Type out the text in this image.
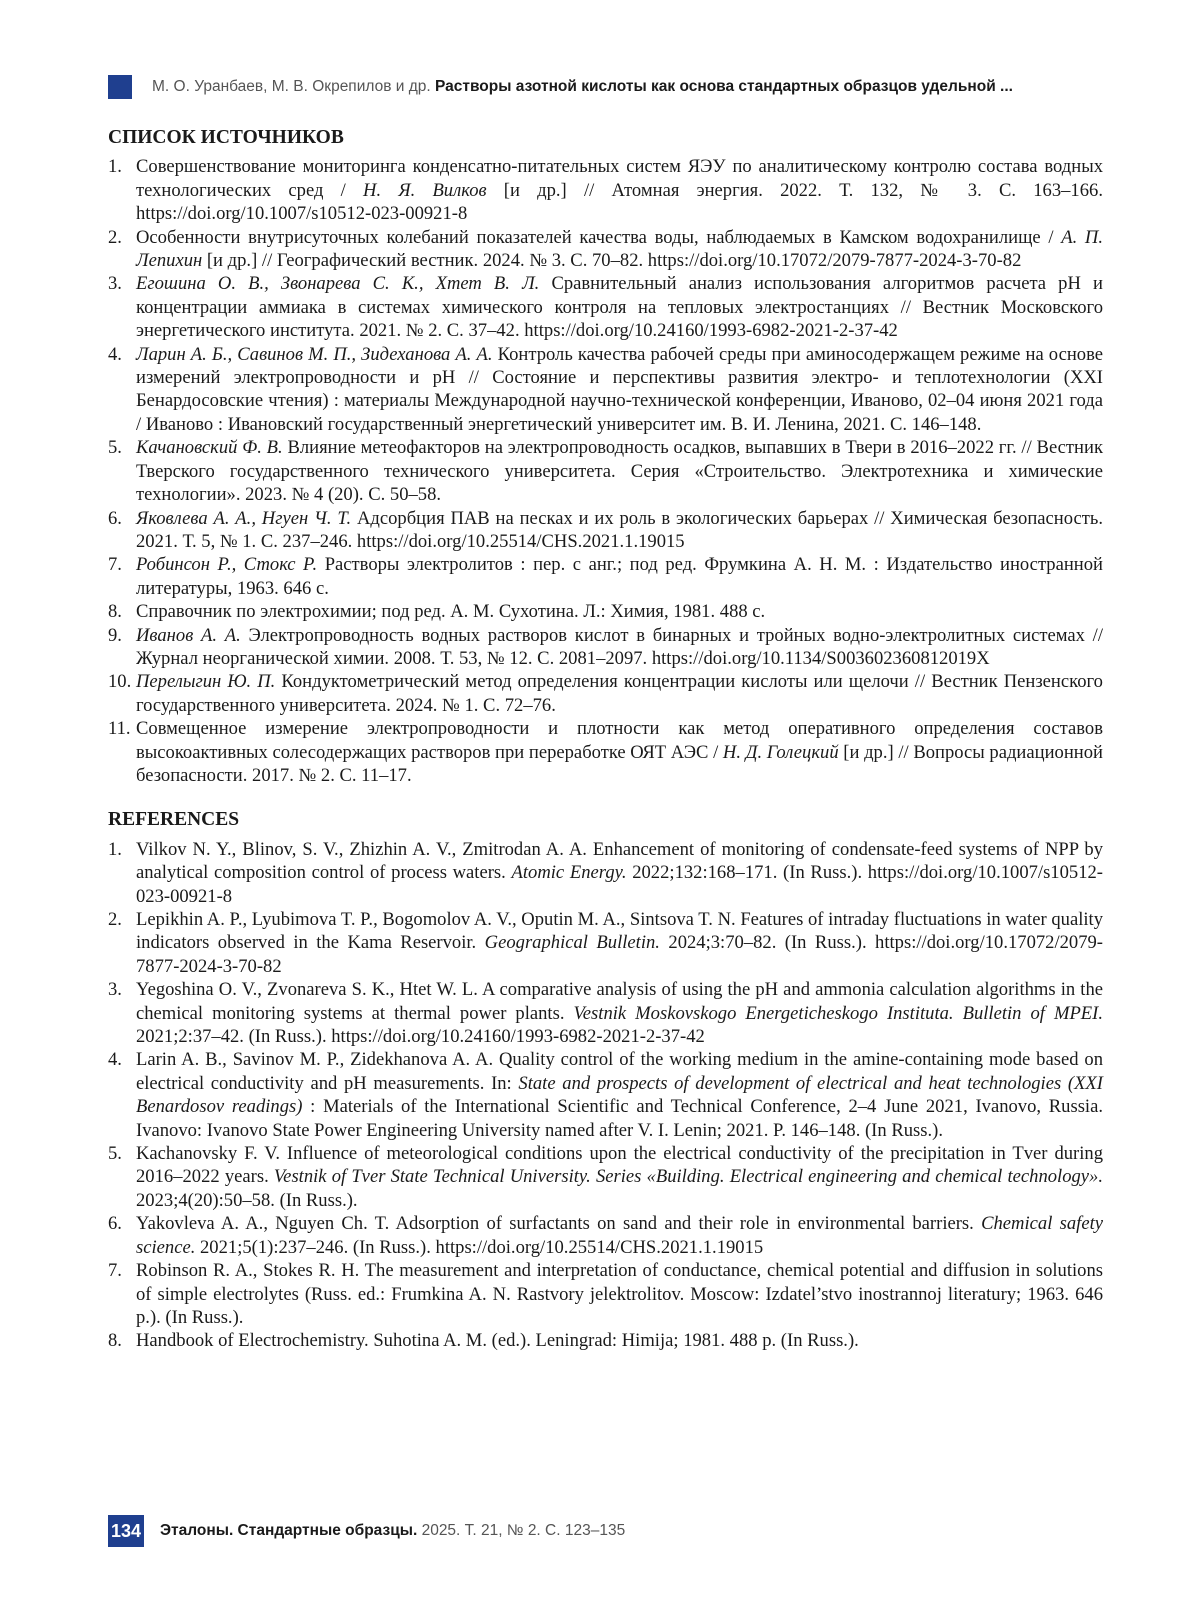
М. О. Уранбаев, М. В. Окрепилов и др. Растворы азотной кислоты как основа стандартных образцов удельной ...
СПИСОК ИСТОЧНИКОВ
1. Совершенствование мониторинга конденсатно-питательных систем ЯЭУ по аналитическому контролю состава водных технологических сред / Н. Я. Вилков [и др.] // Атомная энергия. 2022. Т. 132, № 3. С. 163–166. https://doi.org/10.1007/s10512-023-00921-8
2. Особенности внутрисуточных колебаний показателей качества воды, наблюдаемых в Камском водохранилище / А. П. Лепихин [и др.] // Географический вестник. 2024. № 3. С. 70–82. https://doi.org/10.17072/2079-7877-2024-3-70-82
3. Егошина О. В., Звонарева С. К., Хтет В. Л. Сравнительный анализ использования алгоритмов расчета pH и концентрации аммиака в системах химического контроля на тепловых электростанциях // Вестник Московского энергетического института. 2021. № 2. С. 37–42. https://doi.org/10.24160/1993-6982-2021-2-37-42
4. Ларин А. Б., Савинов М. П., Зидеханова А. А. Контроль качества рабочей среды при аминосодержащем режиме на основе измерений электропроводности и pH // Состояние и перспективы развития электро- и теплотехнологии (XXI Бенардосовские чтения) : материалы Международной научно-технической конференции, Иваново, 02–04 июня 2021 года / Иваново : Ивановский государственный энергетический университет им. В. И. Ленина, 2021. С. 146–148.
5. Качановский Ф. В. Влияние метеофакторов на электропроводность осадков, выпавших в Твери в 2016–2022 гг. // Вестник Тверского государственного технического университета. Серия «Строительство. Электротехника и химические технологии». 2023. № 4 (20). С. 50–58.
6. Яковлева А. А., Нгуен Ч. Т. Адсорбция ПАВ на песках и их роль в экологических барьерах // Химическая безопасность. 2021. Т. 5, № 1. С. 237–246. https://doi.org/10.25514/CHS.2021.1.19015
7. Робинсон Р., Стокс Р. Растворы электролитов : пер. с анг.; под ред. Фрумкина А. Н. М. : Издательство иностранной литературы, 1963. 646 с.
8. Справочник по электрохимии; под ред. А. М. Сухотина. Л.: Химия, 1981. 488 с.
9. Иванов А. А. Электропроводность водных растворов кислот в бинарных и тройных водно-электролитных системах // Журнал неорганической химии. 2008. Т. 53, № 12. С. 2081–2097. https://doi.org/10.1134/S003602360812019X
10. Перелыгин Ю. П. Кондуктометрический метод определения концентрации кислоты или щелочи // Вестник Пензенского государственного университета. 2024. № 1. С. 72–76.
11. Совмещенное измерение электропроводности и плотности как метод оперативного определения составов высокоактивных солесодержащих растворов при переработке ОЯТ АЭС / Н. Д. Голецкий [и др.] // Вопросы радиационной безопасности. 2017. № 2. С. 11–17.
REFERENCES
1. Vilkov N. Y., Blinov, S. V., Zhizhin A. V., Zmitrodan A. A. Enhancement of monitoring of condensate-feed systems of NPP by analytical composition control of process waters. Atomic Energy. 2022;132:168–171. (In Russ.). https://doi.org/10.1007/s10512-023-00921-8
2. Lepikhin A. P., Lyubimova T. P., Bogomolov A. V., Oputin M. A., Sintsova T. N. Features of intraday fluctuations in water quality indicators observed in the Kama Reservoir. Geographical Bulletin. 2024;3:70–82. (In Russ.). https://doi.org/10.17072/2079-7877-2024-3-70-82
3. Yegoshina O. V., Zvonareva S. K., Htet W. L. A comparative analysis of using the pH and ammonia calculation algorithms in the chemical monitoring systems at thermal power plants. Vestnik Moskovskogo Energeticheskogo Instituta. Bulletin of MPEI. 2021;2:37–42. (In Russ.). https://doi.org/10.24160/1993-6982-2021-2-37-42
4. Larin A. B., Savinov M. P., Zidekhanova A. A. Quality control of the working medium in the amine-containing mode based on electrical conductivity and pH measurements. In: State and prospects of development of electrical and heat technologies (XXI Benardosov readings) : Materials of the International Scientific and Technical Conference, 2–4 June 2021, Ivanovo, Russia. Ivanovo: Ivanovo State Power Engineering University named after V. I. Lenin; 2021. P. 146–148. (In Russ.).
5. Kachanovsky F. V. Influence of meteorological conditions upon the electrical conductivity of the precipitation in Tver during 2016–2022 years. Vestnik of Tver State Technical University. Series «Building. Electrical engineering and chemical technology». 2023;4(20):50–58. (In Russ.).
6. Yakovleva A. A., Nguyen Ch. T. Adsorption of surfactants on sand and their role in environmental barriers. Chemical safety science. 2021;5(1):237–246. (In Russ.). https://doi.org/10.25514/CHS.2021.1.19015
7. Robinson R. A., Stokes R. H. The measurement and interpretation of conductance, chemical potential and diffusion in solutions of simple electrolytes (Russ. ed.: Frumkina A. N. Rastvory jelektrolitov. Moscow: Izdatel’stvo inostrannoj literatury; 1963. 646 p.). (In Russ.).
8. Handbook of Electrochemistry. Suhotina A. M. (ed.). Leningrad: Himija; 1981. 488 p. (In Russ.).
134 Эталоны. Стандартные образцы. 2025. Т. 21, № 2. С. 123–135
